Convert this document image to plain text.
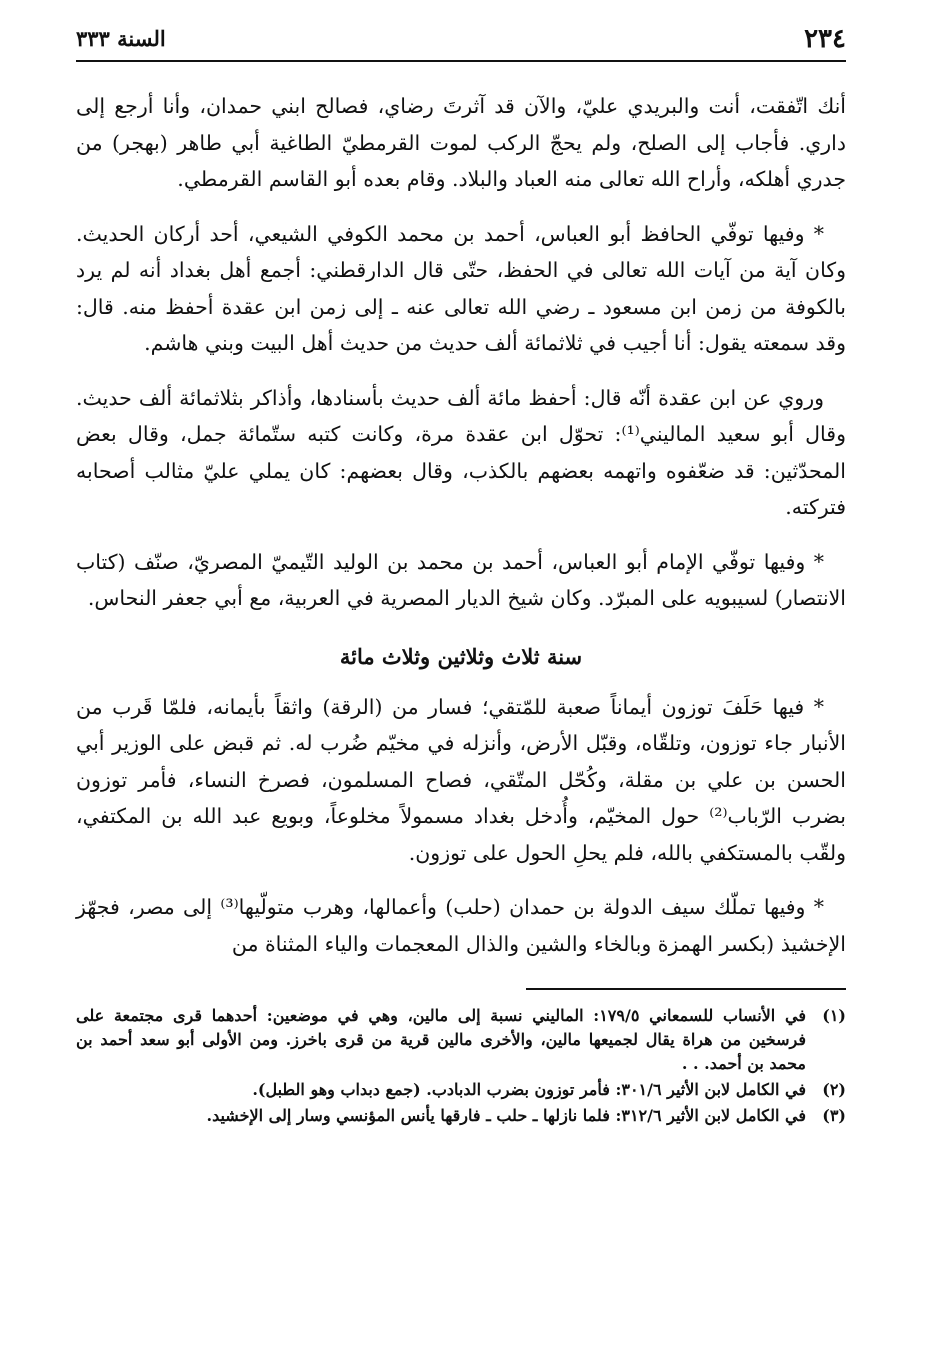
٢٣٤
السنة ٣٣٣

أنك اتّفقت، أنت والبريدي عليّ، والآن قد آثرتَ رضاي، فصالح ابني حمدان، وأنا أرجع إلى داري. فأجاب إلى الصلح، ولم يحجّ الركب لموت القرمطيّ الطاغية أبي طاهر (بهجر) من جدري أهلكه، وأراح الله تعالى منه العباد والبلاد. وقام بعده أبو القاسم القرمطي.

* وفيها توفّي الحافظ أبو العباس، أحمد بن محمد الكوفي الشيعي، أحد أركان الحديث. وكان آية من آيات الله تعالى في الحفظ، حتّى قال الدارقطني: أجمع أهل بغداد أنه لم يرد بالكوفة من زمن ابن مسعود ـ رضي الله تعالى عنه ـ إلى زمن ابن عقدة أحفظ منه. قال: وقد سمعته يقول: أنا أجيب في ثلاثمائة ألف حديث من حديث أهل البيت وبني هاشم.

وروي عن ابن عقدة أنّه قال: أحفظ مائة ألف حديث بأسنادها، وأذاكر بثلاثمائة ألف حديث. وقال أبو سعيد الماليني⁽¹⁾: تحوّل ابن عقدة مرة، وكانت كتبه ستّمائة جمل، وقال بعض المحدّثين: قد ضعّفوه واتهمه بعضهم بالكذب، وقال بعضهم: كان يملي عليّ مثالب أصحابه فتركته.

* وفيها توفّي الإمام أبو العباس، أحمد بن محمد بن الوليد التّيميّ المصريّ، صنّف (كتاب الانتصار) لسيبويه على المبرّد. وكان شيخ الديار المصرية في العربية، مع أبي جعفر النحاس.

سنة ثلاث وثلاثين وثلاث مائة

* فيها حَلَفَ توزون أيماناً صعبة للمّتقي؛ فسار من (الرقة) واثقاً بأيمانه، فلمّا قَرب من الأنبار جاء توزون، وتلقّاه، وقبّل الأرض، وأنزله في مخيّم ضُرب له. ثم قبض على الوزير أبي الحسن بن علي بن مقلة، وكُحّل المتّقي، فصاح المسلمون، فصرخ النساء، فأمر توزون بضرب الرّباب⁽²⁾ حول المخيّم، وأُدخل بغداد مسمولاً مخلوعاً، وبويع عبد الله بن المكتفي، ولقّب بالمستكفي بالله، فلم يحلِ الحول على توزون.

* وفيها تملّك سيف الدولة بن حمدان (حلب) وأعمالها، وهرب متولّيها⁽³⁾ إلى مصر، فجهّز الإخشيذ (بكسر الهمزة وبالخاء والشين والذال المعجمات والياء المثناة من

(١)
في الأنساب للسمعاني ١٧٩/٥: الماليني نسبة إلى مالين، وهي في موضعين: أحدهما قرى مجتمعة على فرسخين من هراة يقال لجميعها مالين، والأخرى مالين قرية من قرى باخرز. ومن الأولى أبو سعد أحمد بن محمد بن أحمد. . .
(٢)
في الكامل لابن الأثير ٣٠١/٦: فأمر توزون بضرب الدبادب. (جمع دبداب وهو الطبل).
(٣)
في الكامل لابن الأثير ٣١٢/٦: فلما نازلها ـ حلب ـ فارقها يأنس المؤنسي وسار إلى الإخشيد.
